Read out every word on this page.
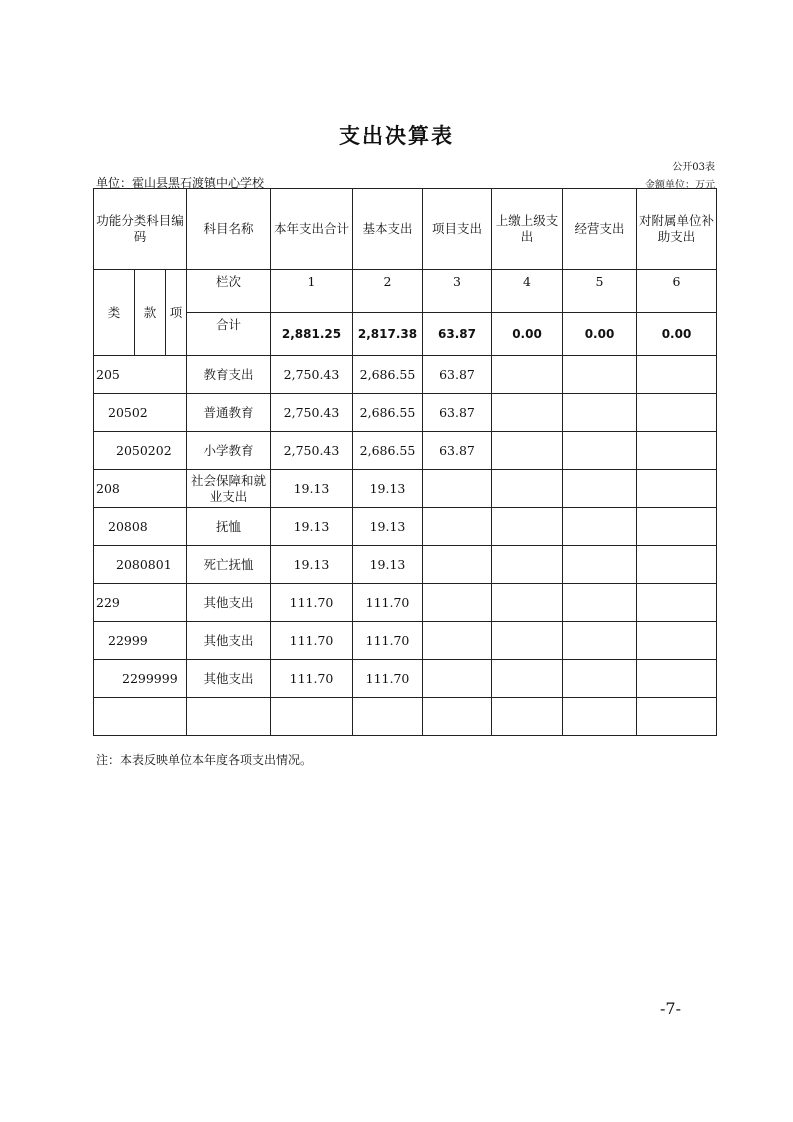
支出决算表
公开03表
单位：霍山县黑石渡镇中心学校	金额单位：万元
功能分类科目编码			科目名称	本年支出合计	基本支出	项目支出	上缴上级支出	经营支出	对附属单位补助支出
类	款	项	栏次	1	2	3	4	5	6
			合计	2,881.25	2,817.38	63.87	0.00	0.00	0.00
205			教育支出	2,750.43	2,686.55	63.87			
20502			普通教育	2,750.43	2,686.55	63.87			
2050202			小学教育	2,750.43	2,686.55	63.87			
208			社会保障和就业支出	19.13	19.13				
20808			抚恤	19.13	19.13				
2080801			死亡抚恤	19.13	19.13				
229			其他支出	111.70	111.70				
22999			其他支出	111.70	111.70				
2299999			其他支出	111.70	111.70				

注：本表反映单位本年度各项支出情况。
-7-
